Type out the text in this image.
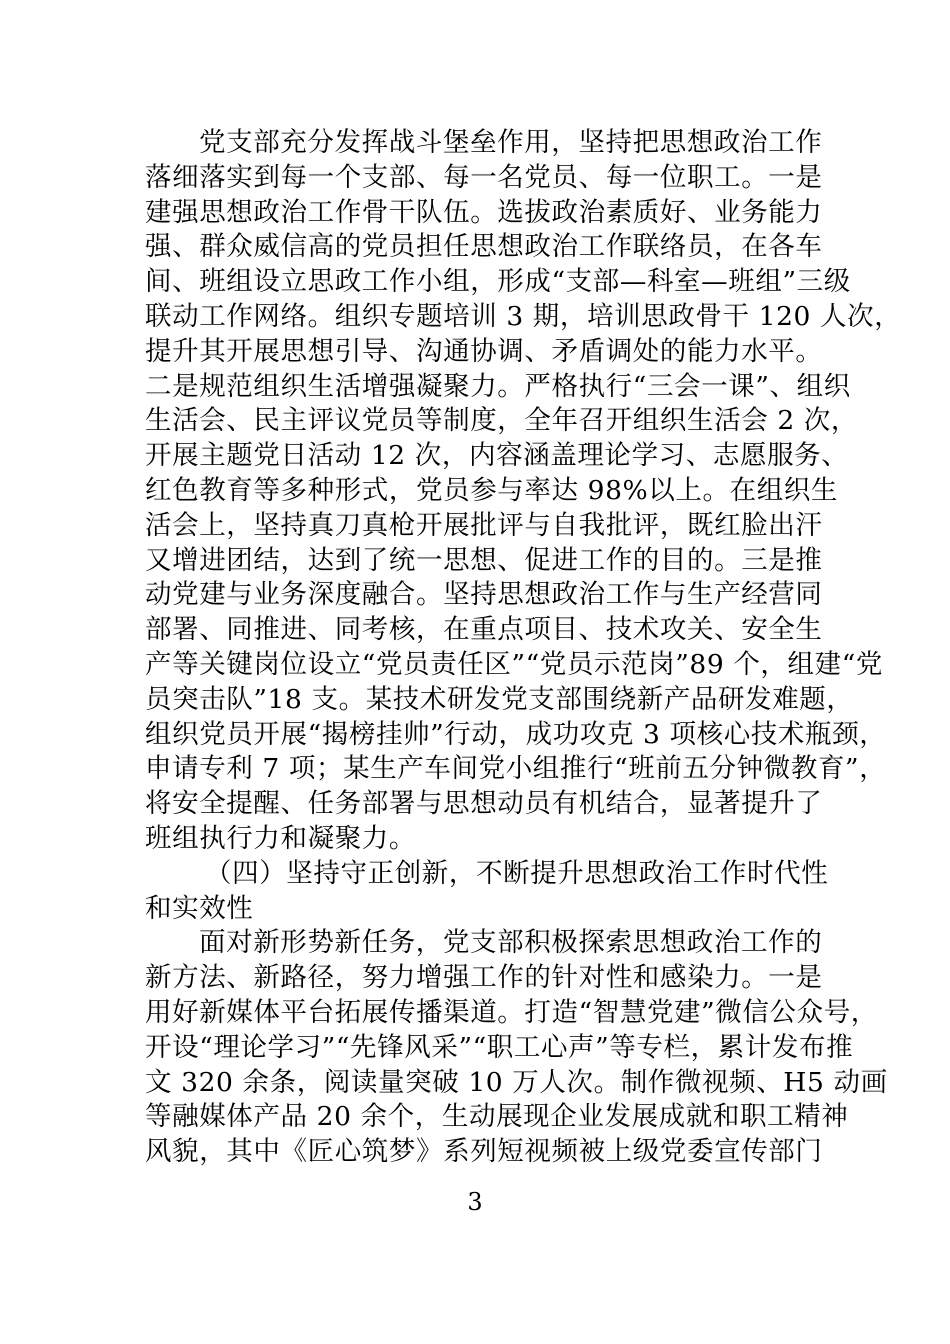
党支部充分发挥战斗堡垒作用，坚持把思想政治工作
落细落实到每一个支部、每一名党员、每一位职工。一是
建强思想政治工作骨干队伍。选拔政治素质好、业务能力
强、群众威信高的党员担任思想政治工作联络员，在各车
间、班组设立思政工作小组，形成“支部—科室—班组”三级
联动工作网络。组织专题培训 3 期，培训思政骨干 120 人次，
提升其开展思想引导、沟通协调、矛盾调处的能力水平。
二是规范组织生活增强凝聚力。严格执行“三会一课”、组织
生活会、民主评议党员等制度，全年召开组织生活会 2 次，
开展主题党日活动 12 次，内容涵盖理论学习、志愿服务、
红色教育等多种形式，党员参与率达 98%以上。在组织生
活会上，坚持真刀真枪开展批评与自我批评，既红脸出汗
又增进团结，达到了统一思想、促进工作的目的。三是推
动党建与业务深度融合。坚持思想政治工作与生产经营同
部署、同推进、同考核，在重点项目、技术攻关、安全生
产等关键岗位设立“党员责任区”“党员示范岗”89 个，组建“党
员突击队”18 支。某技术研发党支部围绕新产品研发难题，
组织党员开展“揭榜挂帅”行动，成功攻克 3 项核心技术瓶颈，
申请专利 7 项；某生产车间党小组推行“班前五分钟微教育”，
将安全提醒、任务部署与思想动员有机结合，显著提升了
班组执行力和凝聚力。
（四）坚持守正创新，不断提升思想政治工作时代性
和实效性
面对新形势新任务，党支部积极探索思想政治工作的
新方法、新路径，努力增强工作的针对性和感染力。一是
用好新媒体平台拓展传播渠道。打造“智慧党建”微信公众号，
开设“理论学习”“先锋风采”“职工心声”等专栏，累计发布推
文 320 余条，阅读量突破 10 万人次。制作微视频、H5 动画
等融媒体产品 20 余个，生动展现企业发展成就和职工精神
风貌，其中《匠心筑梦》系列短视频被上级党委宣传部门
3
